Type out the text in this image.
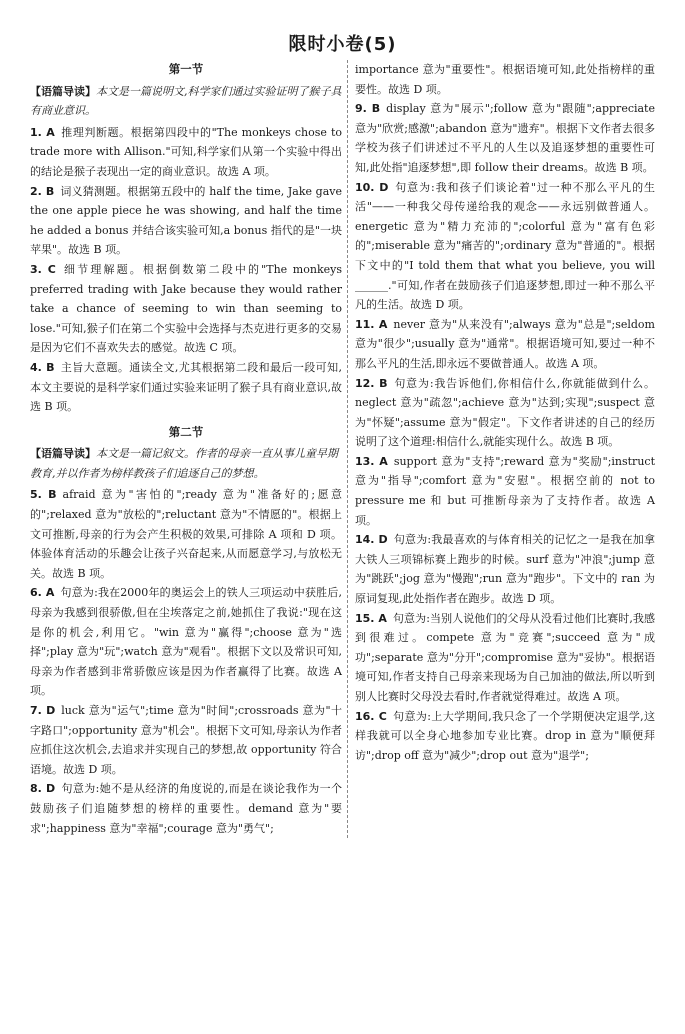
限时小卷(5)
第一节

【语篇导读】本文是一篇说明文,科学家们通过实验证明了猴子具有商业意识。

1. A 推理判断题。根据第四段中的"The monkeys chose to trade more with Allison."可知,科学家们从第一个实验中得出的结论是猴子表现出一定的商业意识。故选 A 项。

2. B 词义猜测题。根据第五段中的 half the time, Jake gave the one apple piece he was showing, and half the time he added a bonus 并结合该实验可知,a bonus 指代的是"一块苹果"。故选 B 项。

3. C 细节理解题。根据倒数第二段中的"The monkeys preferred trading with Jake because they would rather take a chance of seeming to win than seeming to lose."可知,猴子们在第二个实验中会选择与杰克进行更多的交易是因为它们不喜欢失去的感觉。故选 C 项。

4. B 主旨大意题。通读全文,尤其根据第二段和最后一段可知,本文主要说的是科学家们通过实验来证明了猴子具有商业意识,故选 B 项。

第二节

【语篇导读】本文是一篇记叙文。作者的母亲一直从事儿童早期教育,并以作者为榜样教孩子们追逐自己的梦想。

5. B afraid 意为"害怕的";ready 意为"准备好的;愿意的";relaxed 意为"放松的";reluctant 意为"不情愿的"。根据上文可推断,母亲的行为会产生积极的效果,可排除 A 项和 D 项。体验体育活动的乐趣会让孩子兴奋起来,从而愿意学习,与放松无关。故选 B 项。

6. A 句意为:我在2000年的奥运会上的铁人三项运动中获胜后,母亲为我感到很骄傲,但在尘埃落定之前,她抓住了我说:"现在这是你的机会,利用它。"win 意为"赢得";choose 意为"选择";play 意为"玩";watch 意为"观看"。根据下文以及常识可知,母亲为作者感到非常骄傲应该是因为作者赢得了比赛。故选 A 项。

7. D luck 意为"运气";time 意为"时间";crossroads 意为"十字路口";opportunity 意为"机会"。根据下文可知,母亲认为作者应抓住这次机会,去追求并实现自己的梦想,故 opportunity 符合语境。故选 D 项。

8. D 句意为:她不是从经济的角度说的,而是在谈论我作为一个鼓励孩子们追随梦想的榜样的重要性。demand 意为"要求";happiness 意为"幸福";courage 意为"勇气";

importance 意为"重要性"。根据语境可知,此处指榜样的重要性。故选 D 项。

9. B display 意为"展示";follow 意为"跟随";appreciate 意为"欣赏;感激";abandon 意为"遗弃"。根据下文作者去很多学校为孩子们讲述过不平凡的人生以及追逐梦想的重要性可知,此处指"追逐梦想",即 follow their dreams。故选 B 项。

10. D 句意为:我和孩子们谈论着"过一种不那么平凡的生活"——一种我父母传递给我的观念——永远别做普通人。energetic 意为"精力充沛的";colorful 意为"富有色彩的";miserable 意为"痛苦的";ordinary 意为"普通的"。根据下文中的"I told them that what you believe, you will ______."可知,作者在鼓励孩子们追逐梦想,即过一种不那么平凡的生活。故选 D 项。

11. A never 意为"从来没有";always 意为"总是";seldom 意为"很少";usually 意为"通常"。根据语境可知,要过一种不那么平凡的生活,即永远不要做普通人。故选 A 项。

12. B 句意为:我告诉他们,你相信什么,你就能做到什么。neglect 意为"疏忽";achieve 意为"达到;实现";suspect 意为"怀疑";assume 意为"假定"。下文作者讲述的自己的经历说明了这个道理:相信什么,就能实现什么。故选 B 项。

13. A support 意为"支持";reward 意为"奖励";instruct 意为"指导";comfort 意为"安慰"。根据空前的 not to pressure me 和 but 可推断母亲为了支持作者。故选 A 项。

14. D 句意为:我最喜欢的与体育相关的记忆之一是我在加拿大铁人三项锦标赛上跑步的时候。surf 意为"冲浪";jump 意为"跳跃";jog 意为"慢跑";run 意为"跑步"。下文中的 ran 为原词复现,此处指作者在跑步。故选 D 项。

15. A 句意为:当别人说他们的父母从没看过他们比赛时,我感到很难过。compete 意为"竞赛";succeed 意为"成功";separate 意为"分开";compromise 意为"妥协"。根据语境可知,作者支持自己母亲来现场为自己加油的做法,所以听到别人比赛时父母没去看时,作者就觉得难过。故选 A 项。

16. C 句意为:上大学期间,我只念了一个学期便决定退学,这样我就可以全身心地参加专业比赛。drop in 意为"顺便拜访";drop off 意为"减少";drop out 意为"退学";
